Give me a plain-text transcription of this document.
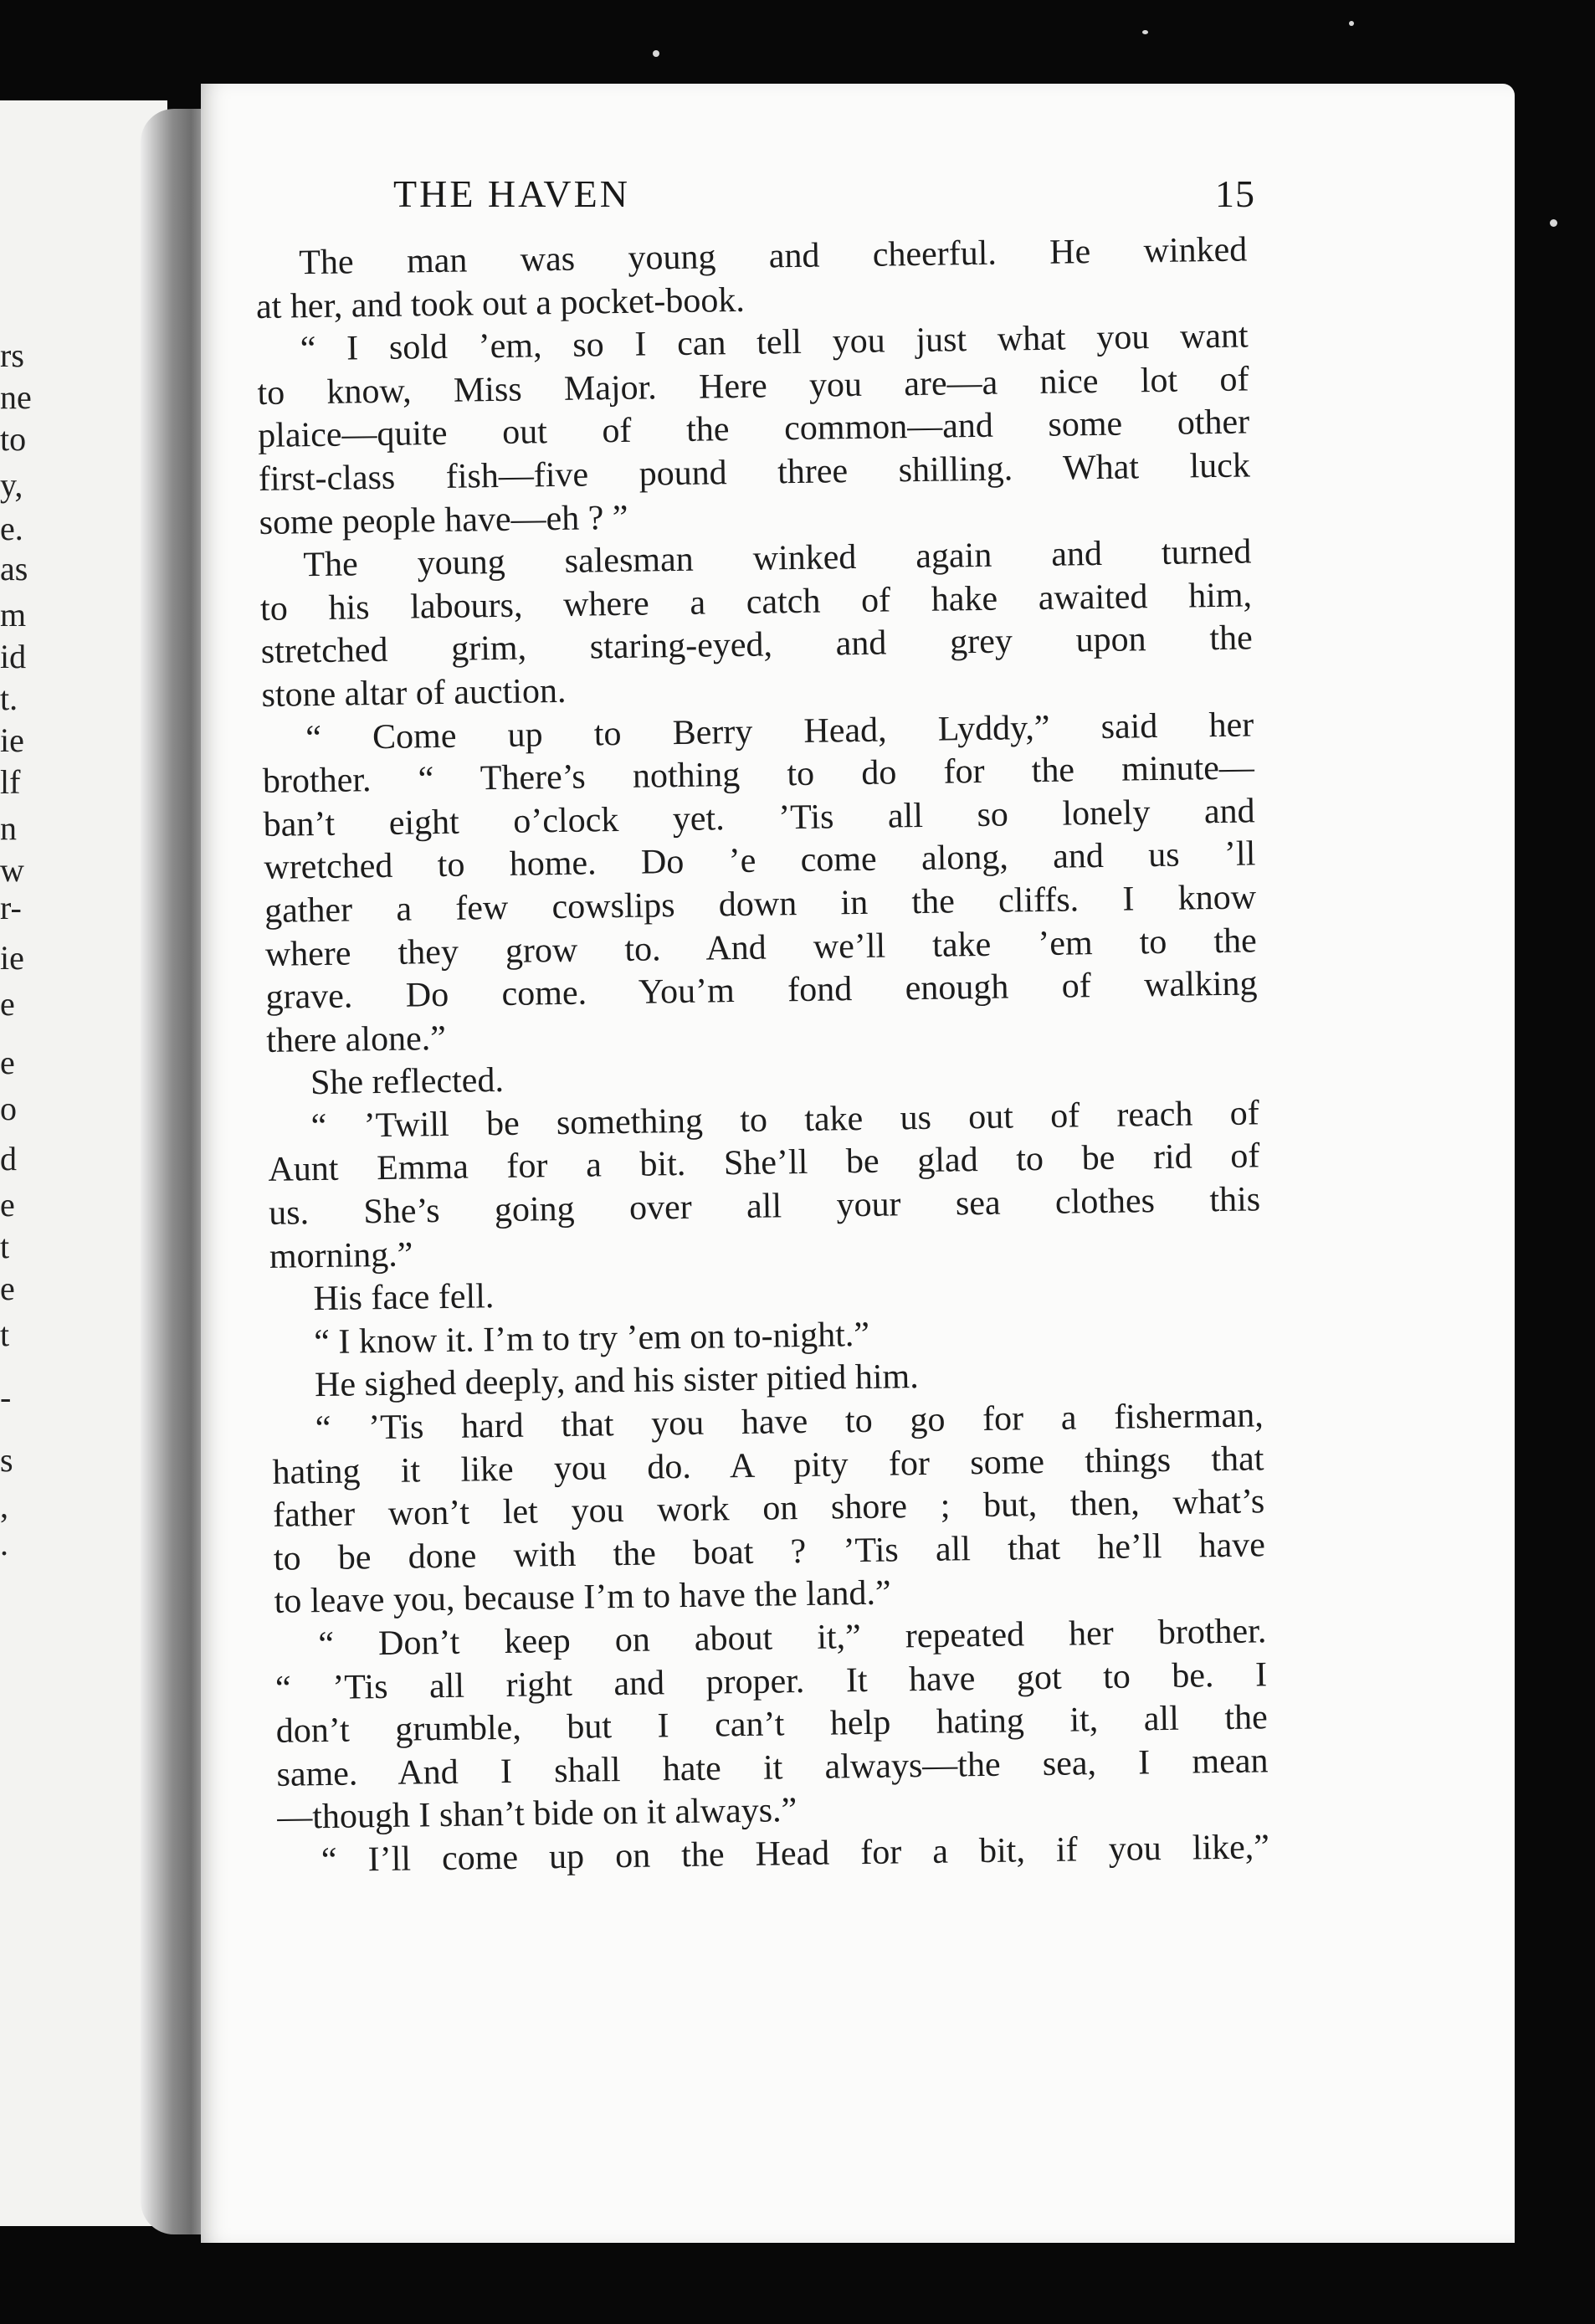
rs
ne
to
y,
e.
as
m
id
t.
ie
lf
n
w
r-
ie
e
e
o
d
e
t
e
t
-
s
,
.
THE HAVEN	15
The man was young and cheerful. He winked
at her, and took out a pocket-book.
“ I sold ’em, so I can tell you just what you want
to know, Miss Major. Here you are—a nice lot of
plaice—quite out of the common—and some other
first-class fish—five pound three shilling. What luck
some people have—eh ? ”
The young salesman winked again and turned
to his labours, where a catch of hake awaited him,
stretched grim, staring-eyed, and grey upon the
stone altar of auction.
“ Come up to Berry Head, Lyddy,” said her
brother. “ There’s nothing to do for the minute—
ban’t eight o’clock yet. ’Tis all so lonely and
wretched to home. Do ’e come along, and us ’ll
gather a few cowslips down in the cliffs. I know
where they grow to. And we’ll take ’em to the
grave. Do come. You’m fond enough of walking
there alone.”
She reflected.
“ ’Twill be something to take us out of reach of
Aunt Emma for a bit. She’ll be glad to be rid of
us. She’s going over all your sea clothes this
morning.”
His face fell.
“ I know it. I’m to try ’em on to-night.”
He sighed deeply, and his sister pitied him.
“ ’Tis hard that you have to go for a fisherman,
hating it like you do. A pity for some things that
father won’t let you work on shore ; but, then, what’s
to be done with the boat ? ’Tis all that he’ll have
to leave you, because I’m to have the land.”
“ Don’t keep on about it,” repeated her brother.
“ ’Tis all right and proper. It have got to be. I
don’t grumble, but I can’t help hating it, all the
same. And I shall hate it always—the sea, I mean
—though I shan’t bide on it always.”
“ I’ll come up on the Head for a bit, if you like,”
